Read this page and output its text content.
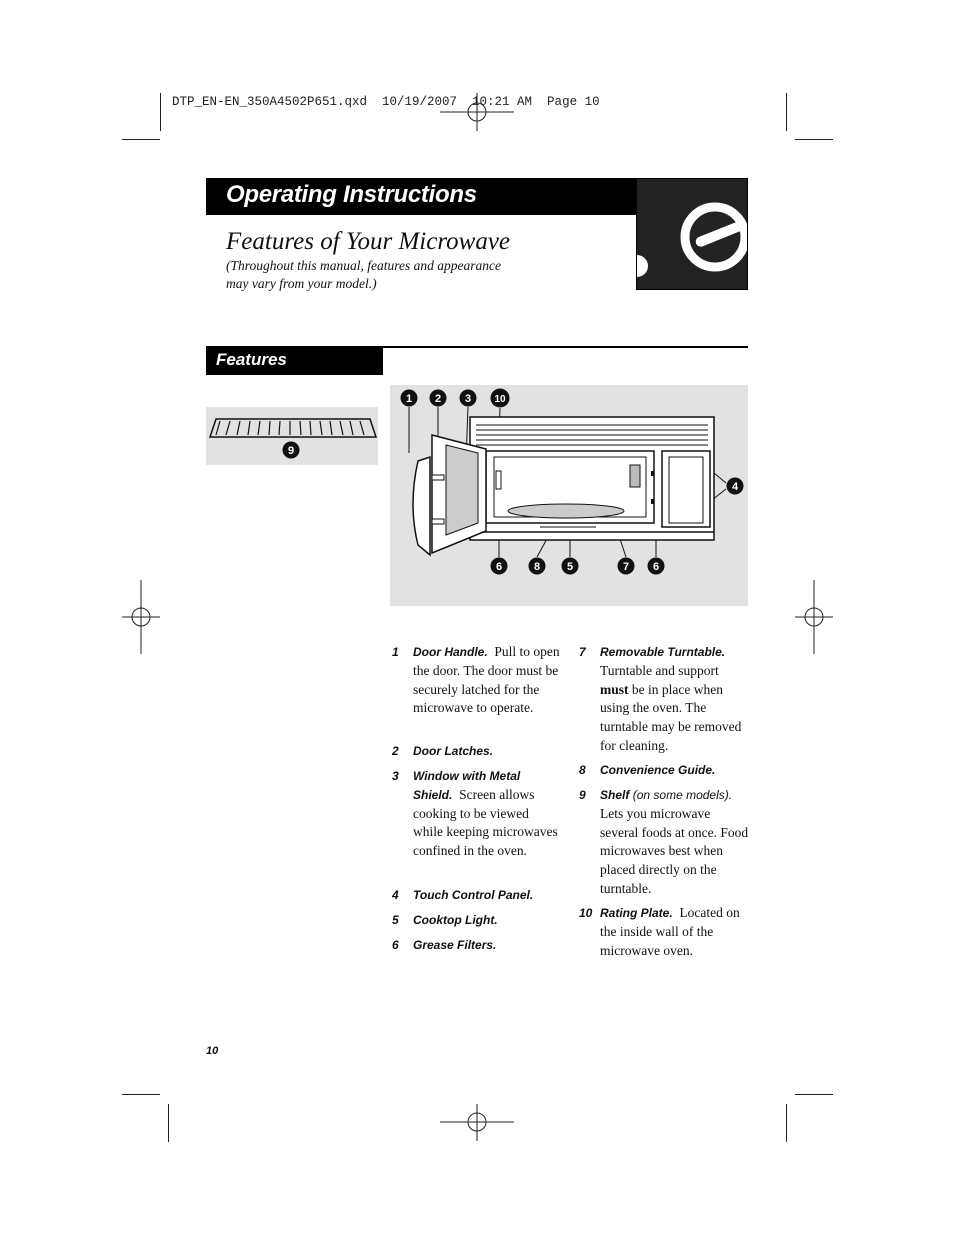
DTP_EN-EN_350A4502P651.qxd  10/19/2007  10:21 AM  Page 10
Operating Instructions
Features of Your Microwave
(Throughout this manual, features and appearance
may vary from your model.)
Features
9
1 2 3 10
4
6	8 5	7 6
1 Door Handle. Pull to open the door. The door must be securely latched for the microwave to operate.
2 Door Latches.
3 Window with Metal Shield. Screen allows cooking to be viewed while keeping microwaves confined in the oven.
4 Touch Control Panel.
5 Cooktop Light.
6 Grease Filters.
7 Removable Turntable.
Turntable and support must be in place when using the oven. The turntable may be removed for cleaning.
8 Convenience Guide.
9 Shelf (on some models).
Lets you microwave several foods at once. Food microwaves best when placed directly on the turntable.
10 Rating Plate. Located on the inside wall of the microwave oven.
10
